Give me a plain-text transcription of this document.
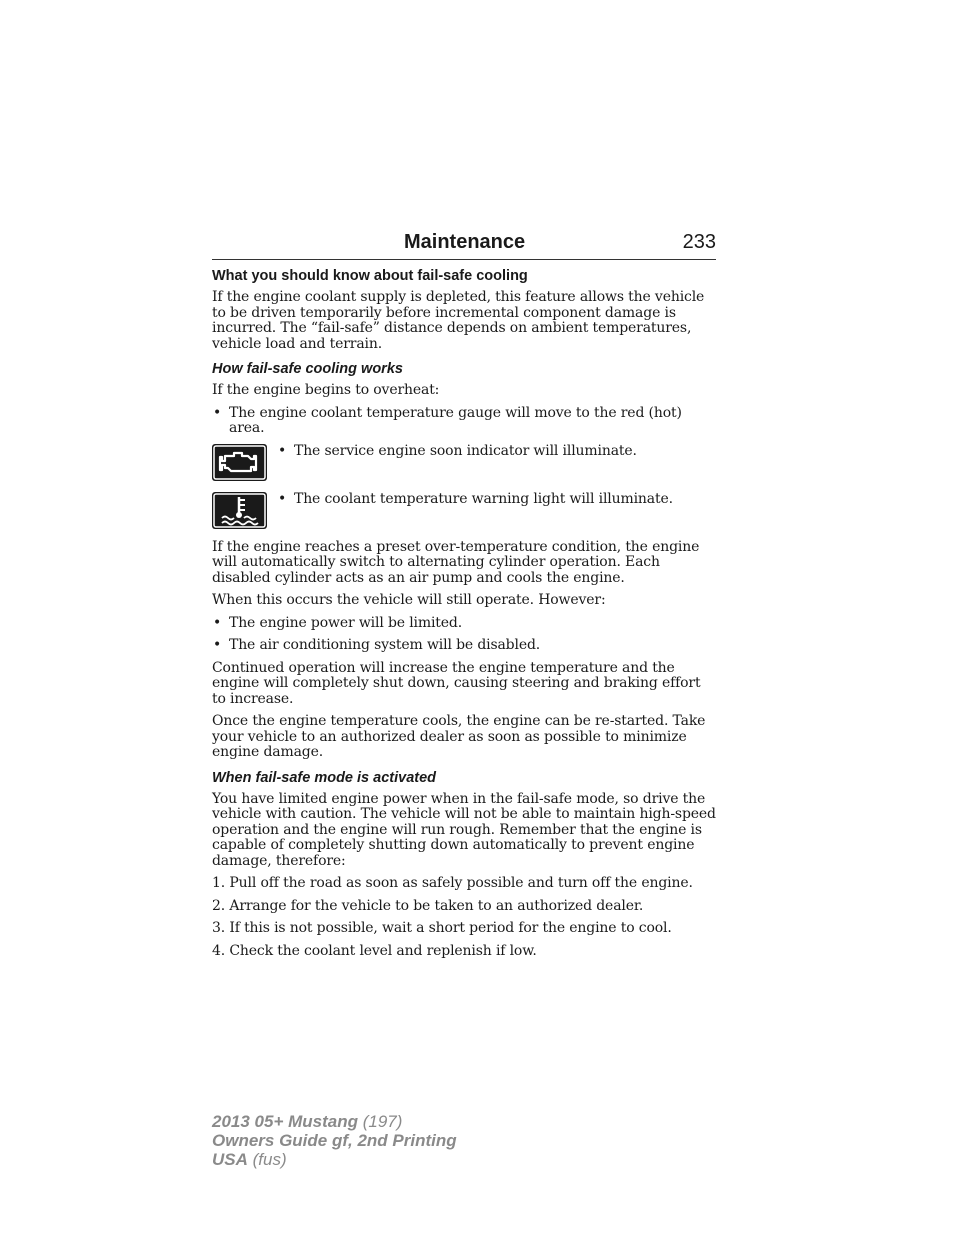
Maintenance	233
What you should know about fail-safe cooling

If the engine coolant supply is depleted, this feature allows the vehicle to be driven temporarily before incremental component damage is incurred. The “fail-safe” distance depends on ambient temperatures, vehicle load and terrain.

How fail-safe cooling works

If the engine begins to overheat:

• The engine coolant temperature gauge will move to the red (hot) area.
• The service engine soon indicator will illuminate.
• The coolant temperature warning light will illuminate.

If the engine reaches a preset over-temperature condition, the engine will automatically switch to alternating cylinder operation. Each disabled cylinder acts as an air pump and cools the engine.

When this occurs the vehicle will still operate. However:

• The engine power will be limited.
• The air conditioning system will be disabled.

Continued operation will increase the engine temperature and the engine will completely shut down, causing steering and braking effort to increase.

Once the engine temperature cools, the engine can be re-started. Take your vehicle to an authorized dealer as soon as possible to minimize engine damage.

When fail-safe mode is activated

You have limited engine power when in the fail-safe mode, so drive the vehicle with caution. The vehicle will not be able to maintain high-speed operation and the engine will run rough. Remember that the engine is capable of completely shutting down automatically to prevent engine damage, therefore:

1. Pull off the road as soon as safely possible and turn off the engine.
2. Arrange for the vehicle to be taken to an authorized dealer.
3. If this is not possible, wait a short period for the engine to cool.
4. Check the coolant level and replenish if low.
2013 05+ Mustang (197)
Owners Guide gf, 2nd Printing
USA (fus)
